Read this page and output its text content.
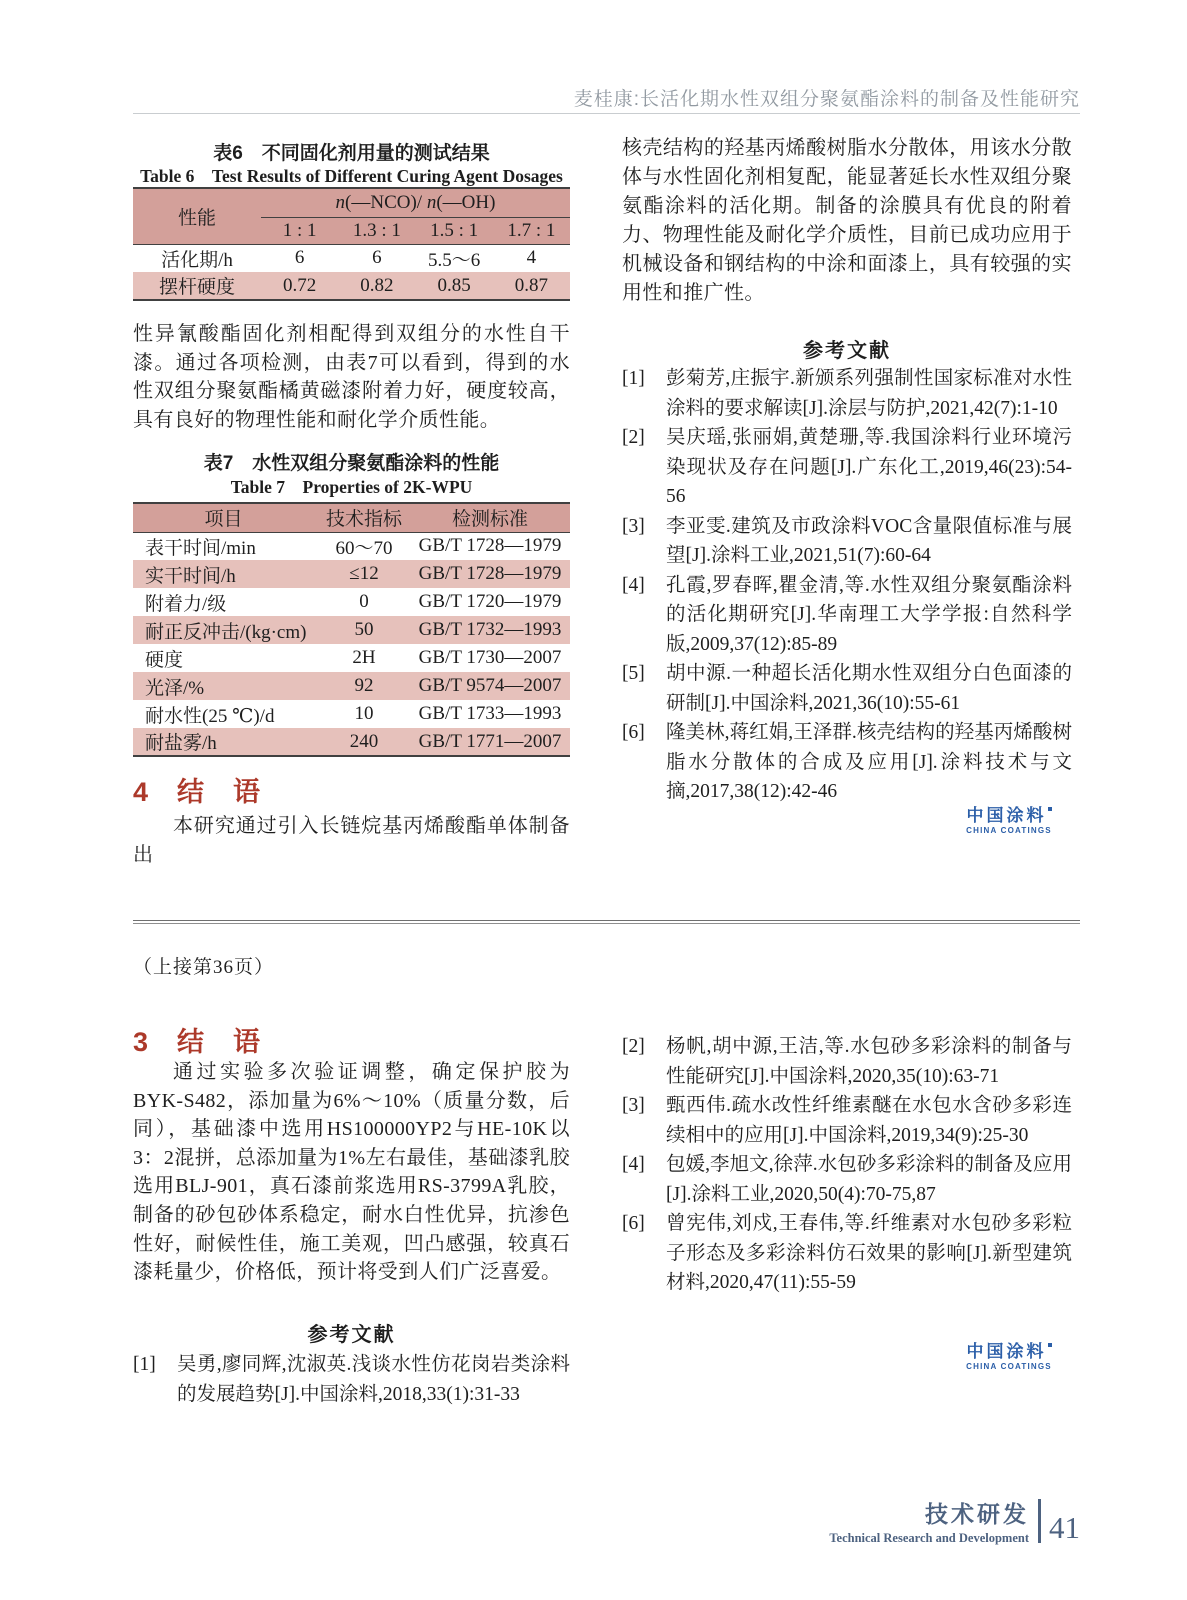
麦桂康:长活化期水性双组分聚氨酯涂料的制备及性能研究
表6　不同固化剂用量的测试结果
Table 6　Test Results of Different Curing Agent Dosages
性能	n(—NCO)/ n(—OH)			
	1 : 1	1.3 : 1	1.5 : 1	1.7 : 1
活化期/h	6	6	5.5～6	4
摆杆硬度	0.72	0.82	0.85	0.87
性异氰酸酯固化剂相配得到双组分的水性自干漆。通过各项检测，由表7可以看到，得到的水性双组分聚氨酯橘黄磁漆附着力好，硬度较高，具有良好的物理性能和耐化学介质性能。
表7　水性双组分聚氨酯涂料的性能
Table 7　Properties of 2K-WPU
项目	技术指标	检测标准
表干时间/min	60～70	GB/T 1728—1979
实干时间/h	≤12	GB/T 1728—1979
附着力/级	0	GB/T 1720—1979
耐正反冲击/(kg·cm)	50	GB/T 1732—1993
硬度	2H	GB/T 1730—2007
光泽/%	92	GB/T 9574—2007
耐水性(25 ℃)/d	10	GB/T 1733—1993
耐盐雾/h	240	GB/T 1771—2007
4　结　语
本研究通过引入长链烷基丙烯酸酯单体制备出
核壳结构的羟基丙烯酸树脂水分散体，用该水分散体与水性固化剂相复配，能显著延长水性双组分聚氨酯涂料的活化期。制备的涂膜具有优良的附着力、物理性能及耐化学介质性，目前已成功应用于机械设备和钢结构的中涂和面漆上，具有较强的实用性和推广性。
参考文献
[1]	彭菊芳,庄振宇.新颁系列强制性国家标准对水性涂料的要求解读[J].涂层与防护,2021,42(7):1-10
[2]	吴庆瑶,张丽娟,黄楚珊,等.我国涂料行业环境污染现状及存在问题[J].广东化工,2019,46(23):54-56
[3]	李亚雯.建筑及市政涂料VOC含量限值标准与展望[J].涂料工业,2021,51(7):60-64
[4]	孔霞,罗春晖,瞿金清,等.水性双组分聚氨酯涂料的活化期研究[J].华南理工大学学报:自然科学版,2009,37(12):85-89
[5]	胡中源.一种超长活化期水性双组分白色面漆的研制[J].中国涂料,2021,36(10):55-61
[6]	隆美林,蒋红娟,王泽群.核壳结构的羟基丙烯酸树脂水分散体的合成及应用[J].涂料技术与文摘,2017,38(12):42-46
中国涂料
CHINA COATINGS
（上接第36页）
3　结　语
通过实验多次验证调整，确定保护胶为BYK-S482，添加量为6%～10%（质量分数，后同），基础漆中选用HS100000YP2与HE-10K以3：2混拼，总添加量为1%左右最佳，基础漆乳胶选用BLJ-901，真石漆前浆选用RS-3799A乳胶，制备的砂包砂体系稳定，耐水白性优异，抗渗色性好，耐候性佳，施工美观，凹凸感强，较真石漆耗量少，价格低，预计将受到人们广泛喜爱。
参考文献
[1]	吴勇,廖同辉,沈淑英.浅谈水性仿花岗岩类涂料的发展趋势[J].中国涂料,2018,33(1):31-33
[2]	杨帆,胡中源,王洁,等.水包砂多彩涂料的制备与性能研究[J].中国涂料,2020,35(10):63-71
[3]	甄西伟.疏水改性纤维素醚在水包水含砂多彩连续相中的应用[J].中国涂料,2019,34(9):25-30
[4]	包媛,李旭文,徐萍.水包砂多彩涂料的制备及应用[J].涂料工业,2020,50(4):70-75,87
[6]	曾宪伟,刘戍,王春伟,等.纤维素对水包砂多彩粒子形态及多彩涂料仿石效果的影响[J].新型建筑材料,2020,47(11):55-59
中国涂料
CHINA COATINGS
技术研发
Technical Research and Development 41
